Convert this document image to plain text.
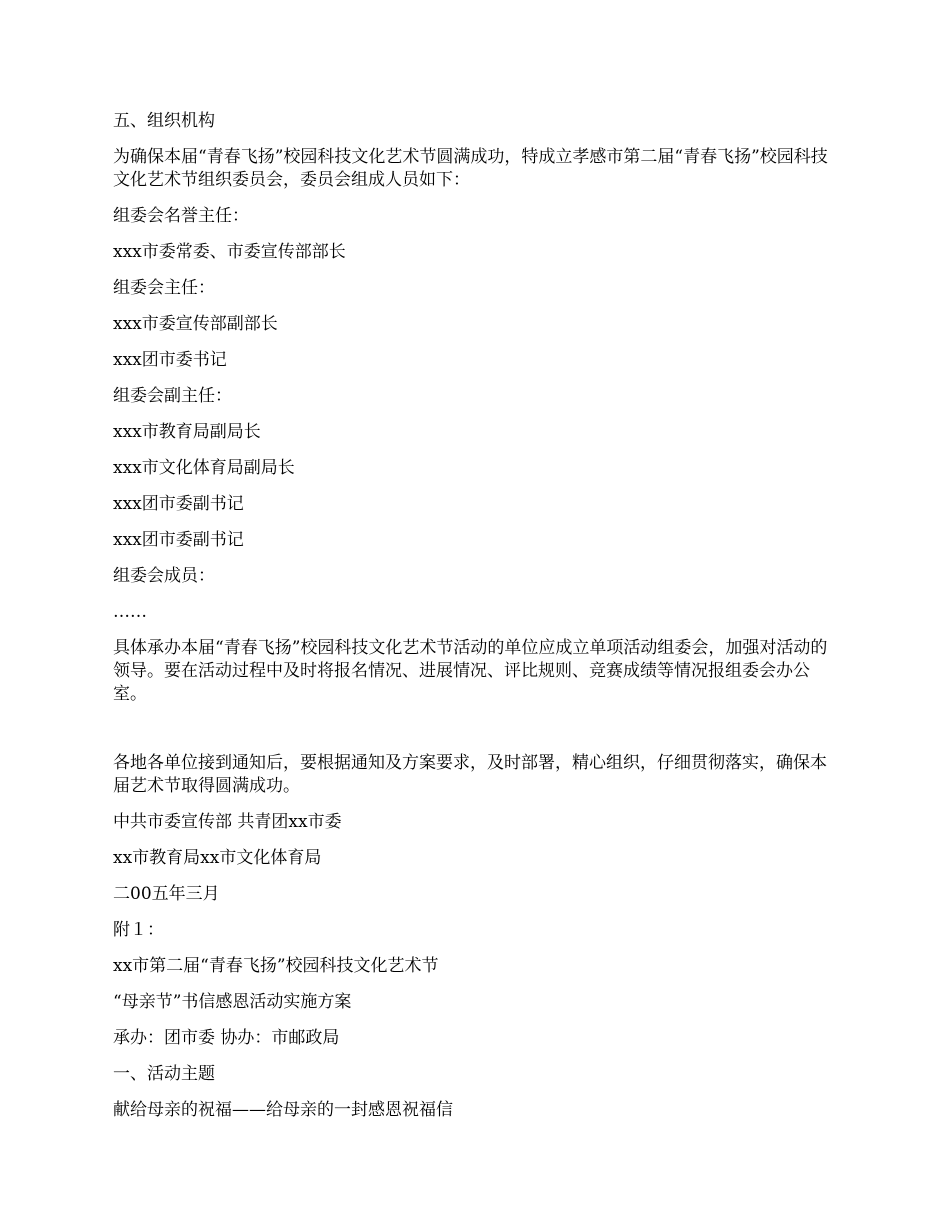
五、组织机构

为确保本届“青春飞扬”校园科技文化艺术节圆满成功，特成立孝感市第二届“青春飞扬”校园科技文化艺术节组织委员会，委员会组成人员如下：

组委会名誉主任：

xxx市委常委、市委宣传部部长

组委会主任：

xxx市委宣传部副部长

xxx团市委书记

组委会副主任：

xxx市教育局副局长

xxx市文化体育局副局长

xxx团市委副书记

xxx团市委副书记

组委会成员：

……

具体承办本届“青春飞扬”校园科技文化艺术节活动的单位应成立单项活动组委会，加强对活动的领导。要在活动过程中及时将报名情况、进展情况、评比规则、竞赛成绩等情况报组委会办公室。

各地各单位接到通知后，要根据通知及方案要求，及时部署，精心组织，仔细贯彻落实，确保本届艺术节取得圆满成功。

中共市委宣传部 共青团xx市委

xx市教育局xx市文化体育局

二00五年三月

附１：

xx市第二届“青春飞扬”校园科技文化艺术节

“母亲节”书信感恩活动实施方案

承办：团市委 协办：市邮政局

一、活动主题

献给母亲的祝福——给母亲的一封感恩祝福信
